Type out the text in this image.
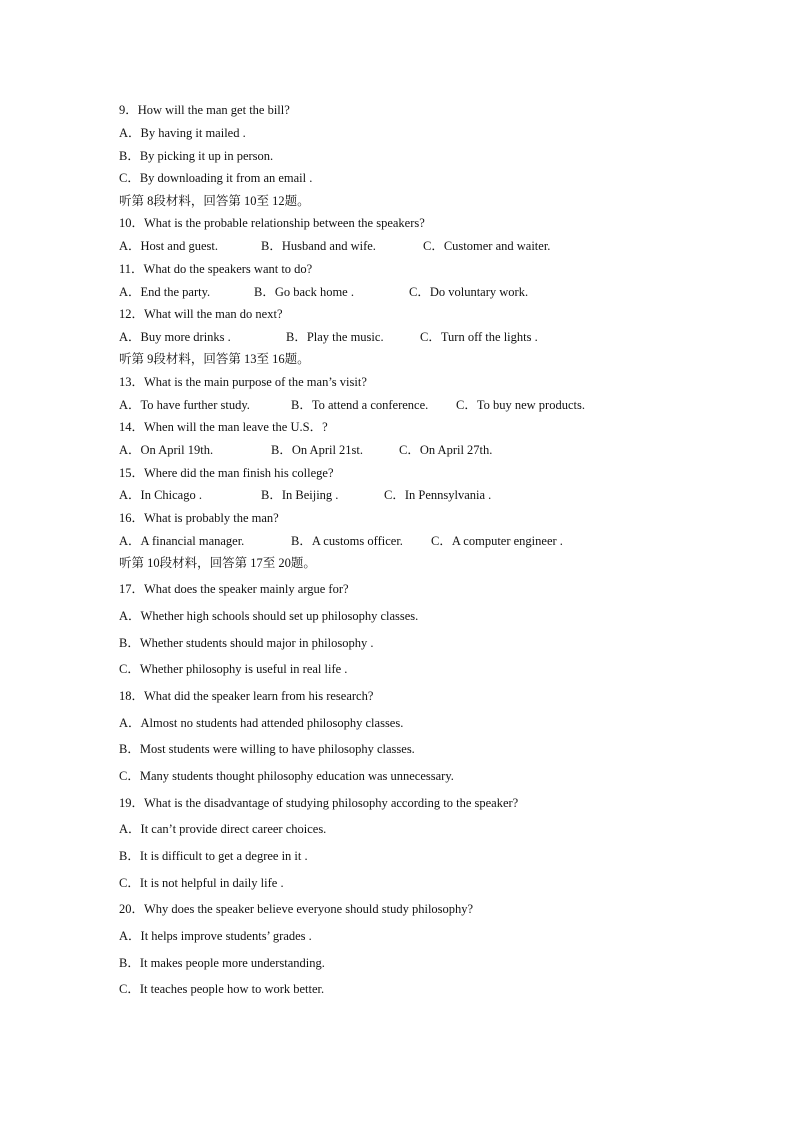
9．How will the man get the bill?
A．By having it mailed .
B．By picking it up in person.
C．By downloading it from an email .
听第 8段材料，回答第 10至 12题。
10．What is the probable relationship between the speakers?
A．Host and guest.	B．Husband and wife.	C．Customer and waiter.
11．What do the speakers want to do?
A．End the party.	B．Go back home .	C．Do voluntary work.
12．What will the man do next?
A．Buy more drinks .	B．Play the music.	C．Turn off the lights .
听第 9段材料，回答第 13至 16题。
13．What is the main purpose of the man’s visit?
A．To have further study.	B．To attend a conference. C．To buy new products.
14．When will the man leave the U.S．?
A．On April 19th.	B．On April 21st.	C．On April 27th.
15．Where did the man finish his college?
A．In Chicago .	B．In Beijing .	C．In Pennsylvania .
16．What is probably the man?
A．A financial manager.	B．A customs officer. C．A computer engineer .
听第 10段材料，回答第 17至 20题。
17．What does the speaker mainly argue for?
A．Whether high schools should set up philosophy classes.
B．Whether students should major in philosophy .
C．Whether philosophy is useful in real life .
18．What did the speaker learn from his research?
A．Almost no students had attended philosophy classes.
B．Most students were willing to have philosophy classes.
C．Many students thought philosophy education was unnecessary.
19．What is the disadvantage of studying philosophy according to the speaker?
A．It can’t provide direct career choices.
B．It is difficult to get a degree in it .
C．It is not helpful in daily life .
20．Why does the speaker believe everyone should study philosophy?
A．It helps improve students’ grades .
B．It makes people more understanding.
C．It teaches people how to work better.
